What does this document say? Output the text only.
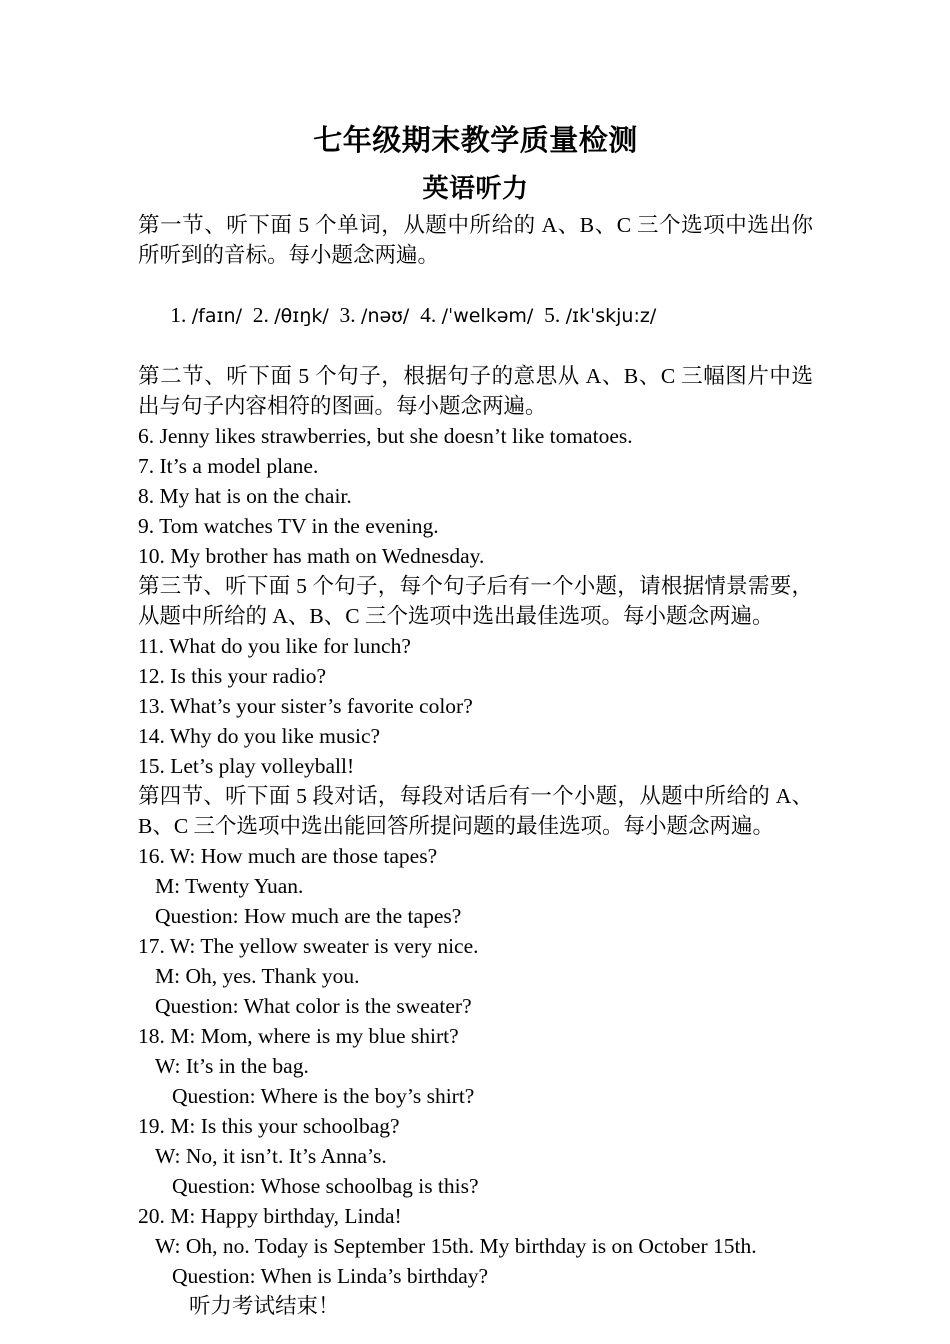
七年级期末教学质量检测
英语听力

第一节、听下面 5 个单词，从题中所给的 A、B、C 三个选项中选出你所听到的音标。每小题念两遍。

1. /faɪn/ 2. /θɪŋk/ 3. /nəʊ/ 4. /ˈwelkəm/ 5. /ɪkˈskju:z/

第二节、听下面 5 个句子，根据句子的意思从 A、B、C 三幅图片中选出与句子内容相符的图画。每小题念两遍。

6. Jenny likes strawberries, but she doesn’t like tomatoes.

7. It’s a model plane.

8. My hat is on the chair.

9. Tom watches TV in the evening.

10. My brother has math on Wednesday.

第三节、听下面 5 个句子，每个句子后有一个小题，请根据情景需要，从题中所给的 A、B、C 三个选项中选出最佳选项。每小题念两遍。

11. What do you like for lunch?

12. Is this your radio?

13. What’s your sister’s favorite color?

14. Why do you like music?

15. Let’s play volleyball!

第四节、听下面 5 段对话，每段对话后有一个小题，从题中所给的 A、B、C 三个选项中选出能回答所提问题的最佳选项。每小题念两遍。

16. W: How much are those tapes?

M: Twenty Yuan.

Question: How much are the tapes?

17. W: The yellow sweater is very nice.

M: Oh, yes. Thank you.

Question: What color is the sweater?

18. M: Mom, where is my blue shirt?

W: It’s in the bag.

Question: Where is the boy’s shirt?

19. M: Is this your schoolbag?

W: No, it isn’t. It’s Anna’s.

Question: Whose schoolbag is this?

20. M: Happy birthday, Linda!

W: Oh, no. Today is September 15th. My birthday is on October 15th.

Question: When is Linda’s birthday?

听力考试结束！
